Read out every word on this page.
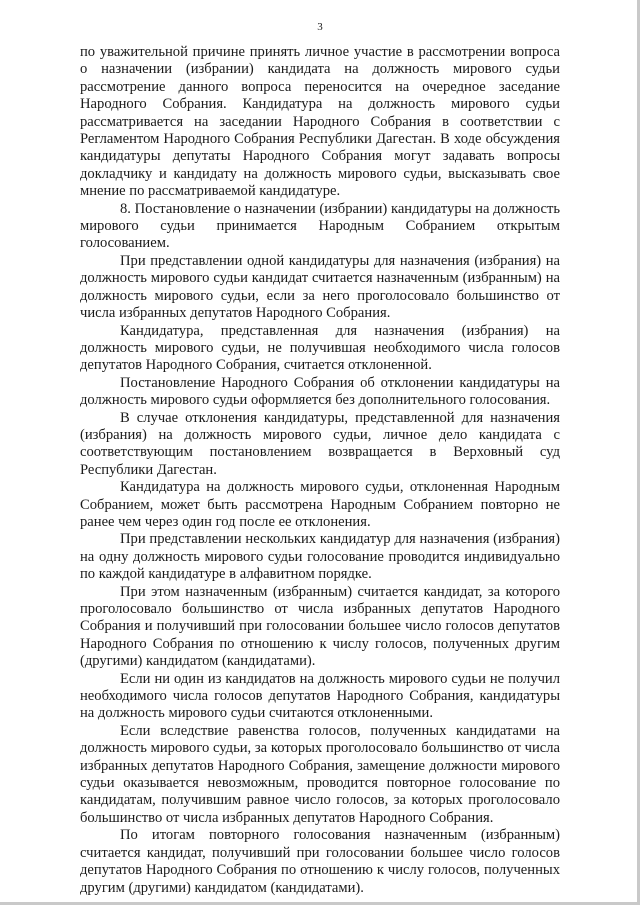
3

по уважительной причине принять личное участие в рассмотрении вопроса о назначении (избрании) кандидата на должность мирового судьи рассмотрение данного вопроса переносится на очередное заседание Народного Собрания. Кандидатура на должность мирового судьи рассматривается на заседании Народного Собрания в соответствии с Регламентом Народного Собрания Республики Дагестан. В ходе обсуждения кандидатуры депутаты Народного Собрания могут задавать вопросы докладчику и кандидату на должность мирового судьи, высказывать свое мнение по рассматриваемой кандидатуре.

8. Постановление о назначении (избрании) кандидатуры на должность мирового судьи принимается Народным Собранием открытым голосованием.

При представлении одной кандидатуры для назначения (избрания) на должность мирового судьи кандидат считается назначенным (избранным) на должность мирового судьи, если за него проголосовало большинство от числа избранных депутатов Народного Собрания.

Кандидатура, представленная для назначения (избрания) на должность мирового судьи, не получившая необходимого числа голосов депутатов Народного Собрания, считается отклоненной.

Постановление Народного Собрания об отклонении кандидатуры на должность мирового судьи оформляется без дополнительного голосования.

В случае отклонения кандидатуры, представленной для назначения (избрания) на должность мирового судьи, личное дело кандидата с соответствующим постановлением возвращается в Верховный суд Республики Дагестан.

Кандидатура на должность мирового судьи, отклоненная Народным Собранием, может быть рассмотрена Народным Собранием повторно не ранее чем через один год после ее отклонения.

При представлении нескольких кандидатур для назначения (избрания) на одну должность мирового судьи голосование проводится индивидуально по каждой кандидатуре в алфавитном порядке.

При этом назначенным (избранным) считается кандидат, за которого проголосовало большинство от числа избранных депутатов Народного Собрания и получивший при голосовании большее число голосов депутатов Народного Собрания по отношению к числу голосов, полученных другим (другими) кандидатом (кандидатами).

Если ни один из кандидатов на должность мирового судьи не получил необходимого числа голосов депутатов Народного Собрания, кандидатуры на должность мирового судьи считаются отклоненными.

Если вследствие равенства голосов, полученных кандидатами на должность мирового судьи, за которых проголосовало большинство от числа избранных депутатов Народного Собрания, замещение должности мирового судьи оказывается невозможным, проводится повторное голосование по кандидатам, получившим равное число голосов, за которых проголосовало большинство от числа избранных депутатов Народного Собрания.

По итогам повторного голосования назначенным (избранным) считается кандидат, получивший при голосовании большее число голосов депутатов Народного Собрания по отношению к числу голосов, полученных другим (другими) кандидатом (кандидатами).
